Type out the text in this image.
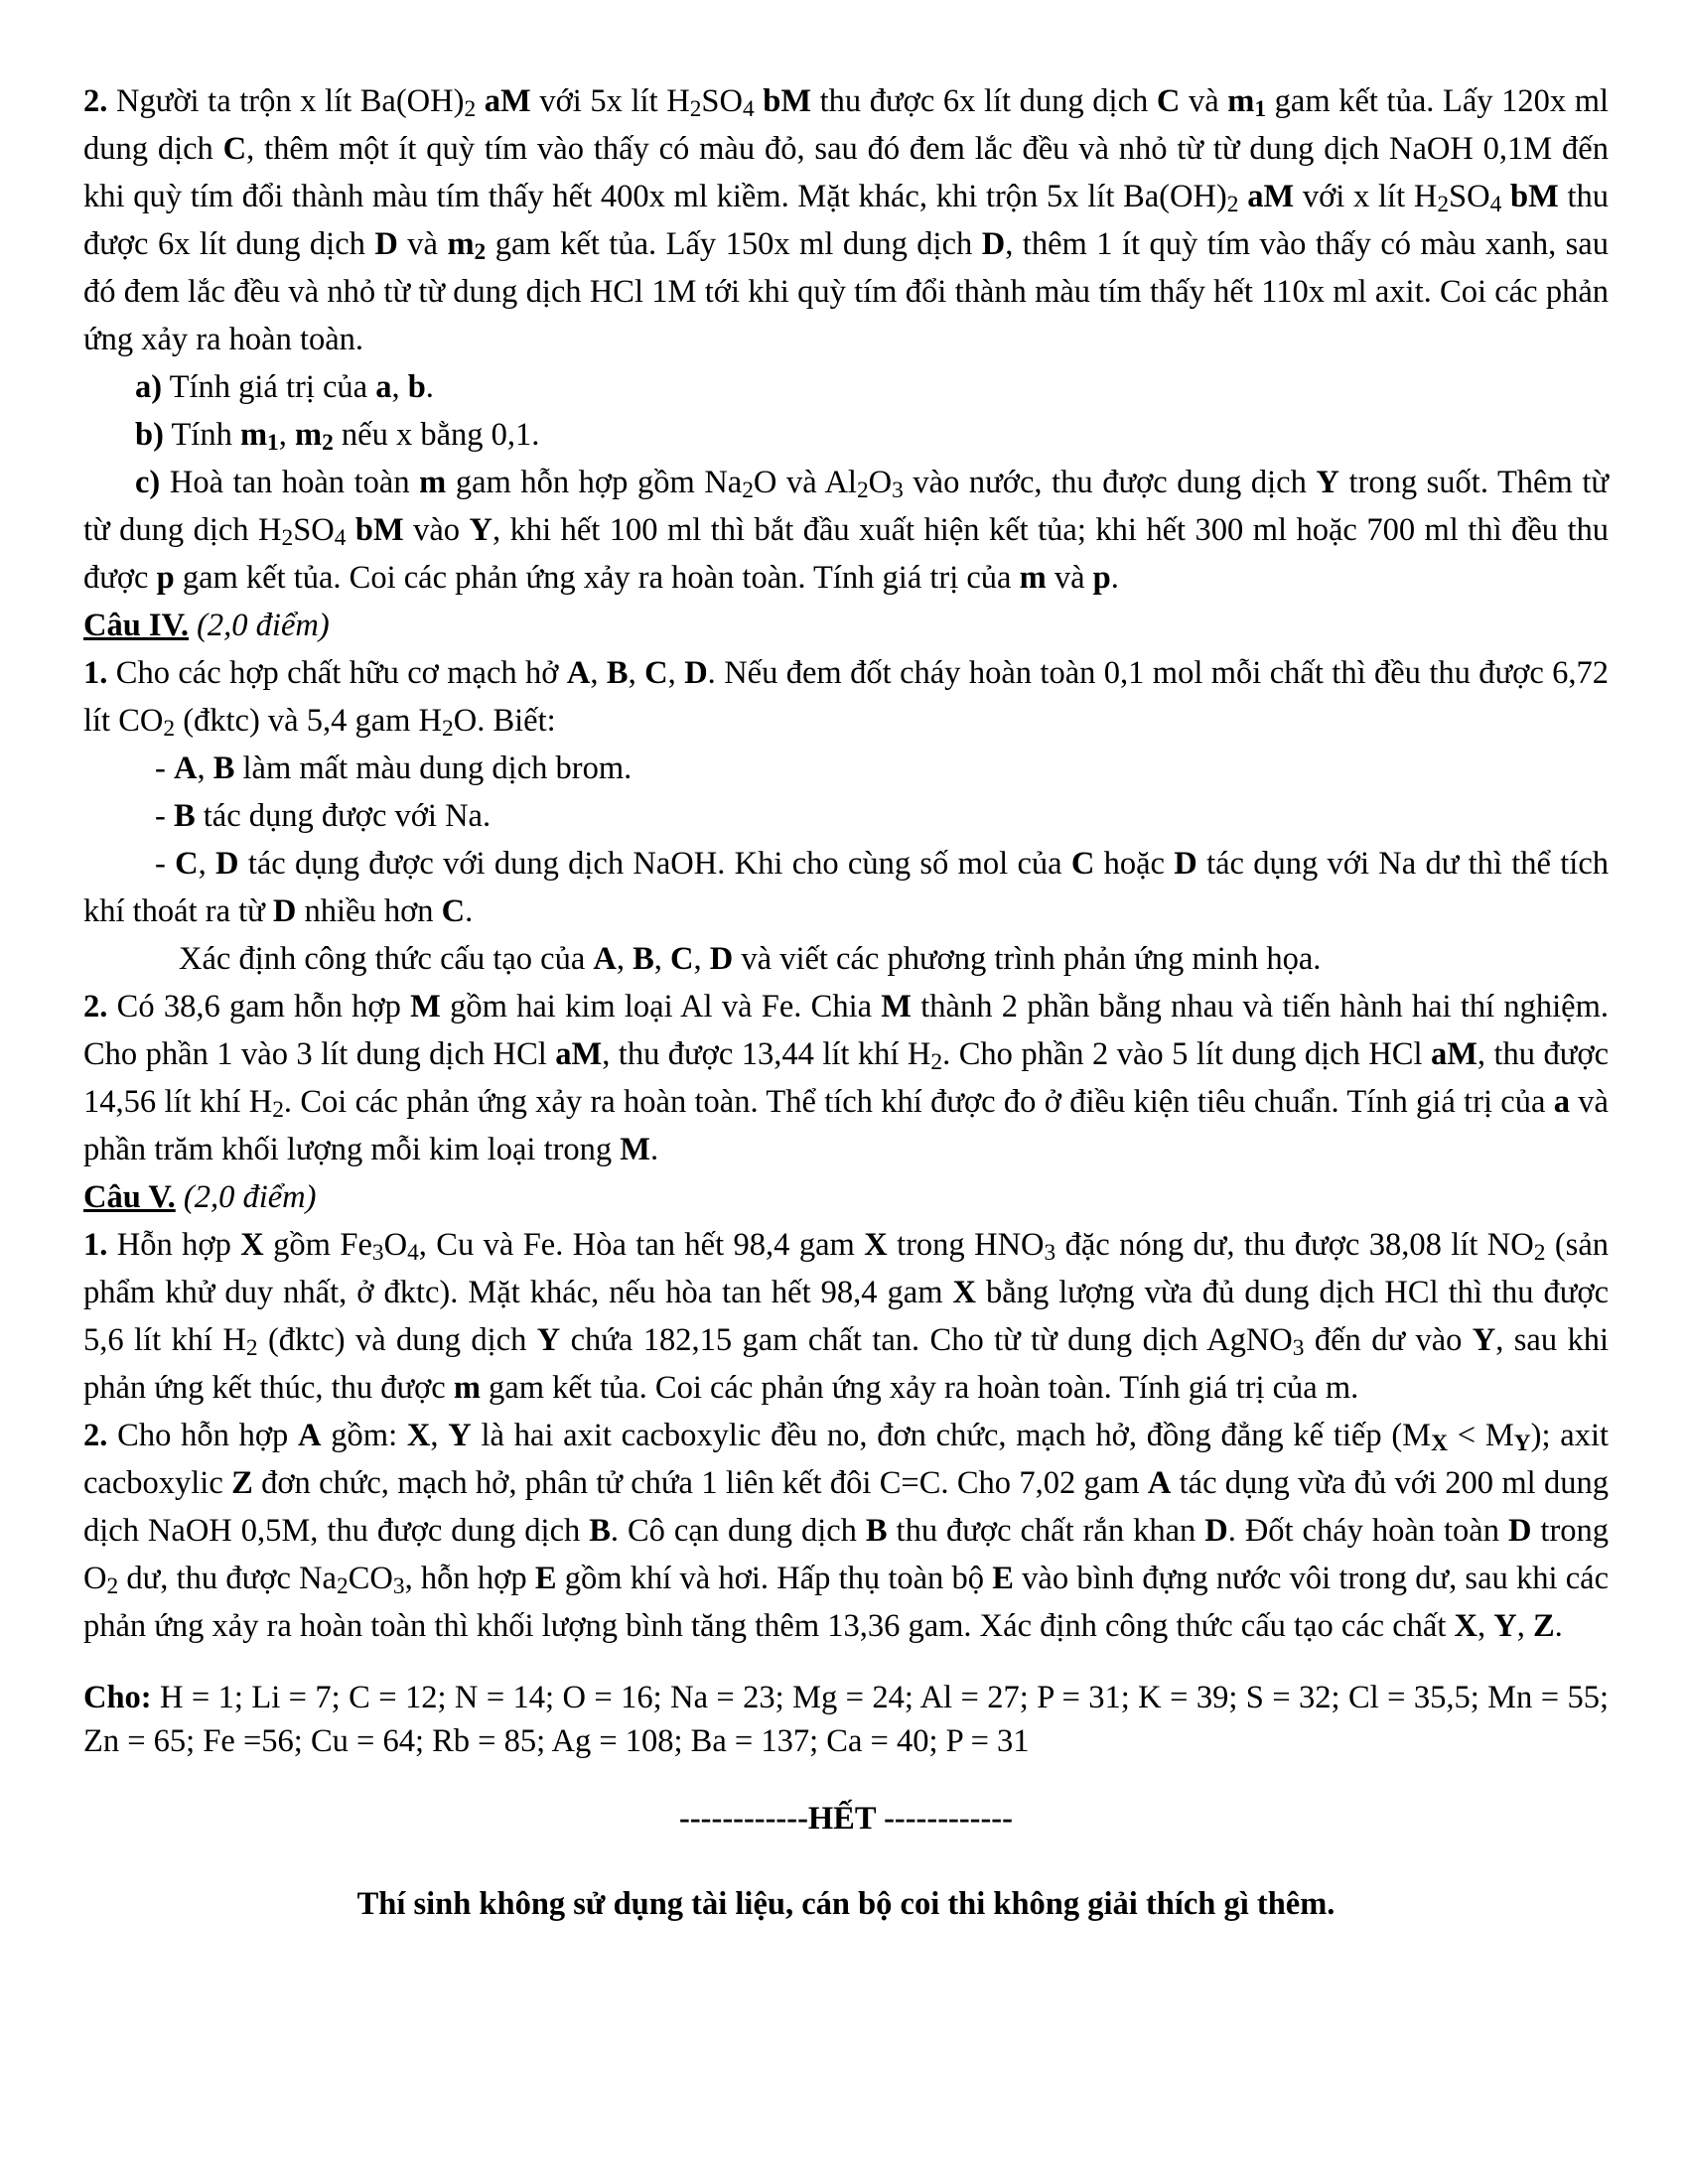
2. Người ta trộn x lít $Ba(OH)_2$ aM với 5x lít $H_2SO_4$ bM thu được 6x lít dung dịch C và $m_1$ gam kết tủa. Lấy 120x ml dung dịch C, thêm một ít quỳ tím vào thấy có màu đỏ, sau đó đem lắc đều và nhỏ từ từ dung dịch NaOH 0,1M đến khi quỳ tím đổi thành màu tím thấy hết 400x ml kiềm. Mặt khác, khi trộn 5x lít $Ba(OH)_2$ aM với x lít $H_2SO_4$ bM thu được 6x lít dung dịch D và $m_2$ gam kết tủa. Lấy 150x ml dung dịch D, thêm 1 ít quỳ tím vào thấy có màu xanh, sau đó đem lắc đều và nhỏ từ từ dung dịch HCl 1M tới khi quỳ tím đổi thành màu tím thấy hết 110x ml axit. Coi các phản ứng xảy ra hoàn toàn.

a) Tính giá trị của a, b.

b) Tính $m_1$, $m_2$ nếu x bằng 0,1.

c) Hoà tan hoàn toàn m gam hỗn hợp gồm $Na_2O$ và $Al_2O_3$ vào nước, thu được dung dịch Y trong suốt. Thêm từ từ dung dịch $H_2SO_4$ bM vào Y, khi hết 100 ml thì bắt đầu xuất hiện kết tủa; khi hết 300 ml hoặc 700 ml thì đều thu được p gam kết tủa. Coi các phản ứng xảy ra hoàn toàn. Tính giá trị của m và p.

Câu IV. (2,0 điểm)

1. Cho các hợp chất hữu cơ mạch hở A, B, C, D. Nếu đem đốt cháy hoàn toàn 0,1 mol mỗi chất thì đều thu được 6,72 lít $CO_2$ (đktc) và 5,4 gam $H_2O$. Biết:

- A, B làm mất màu dung dịch brom.

- B tác dụng được với Na.

- C, D tác dụng được với dung dịch NaOH. Khi cho cùng số mol của C hoặc D tác dụng với Na dư thì thể tích khí thoát ra từ D nhiều hơn C.

Xác định công thức cấu tạo của A, B, C, D và viết các phương trình phản ứng minh họa.

2. Có 38,6 gam hỗn hợp M gồm hai kim loại Al và Fe. Chia M thành 2 phần bằng nhau và tiến hành hai thí nghiệm. Cho phần 1 vào 3 lít dung dịch HCl aM, thu được 13,44 lít khí $H_2$. Cho phần 2 vào 5 lít dung dịch HCl aM, thu được 14,56 lít khí $H_2$. Coi các phản ứng xảy ra hoàn toàn. Thể tích khí được đo ở điều kiện tiêu chuẩn. Tính giá trị của a và phần trăm khối lượng mỗi kim loại trong M.

Câu V. (2,0 điểm)

1. Hỗn hợp X gồm $Fe_3O_4$, Cu và Fe. Hòa tan hết 98,4 gam X trong $HNO_3$ đặc nóng dư, thu được 38,08 lít $NO_2$ (sản phẩm khử duy nhất, ở đktc). Mặt khác, nếu hòa tan hết 98,4 gam X bằng lượng vừa đủ dung dịch HCl thì thu được 5,6 lít khí $H_2$ (đktc) và dung dịch Y chứa 182,15 gam chất tan. Cho từ từ dung dịch AgNO$_3$ đến dư vào Y, sau khi phản ứng kết thúc, thu được m gam kết tủa. Coi các phản ứng xảy ra hoàn toàn. Tính giá trị của m.

2. Cho hỗn hợp A gồm: X, Y là hai axit cacboxylic đều no, đơn chức, mạch hở, đồng đẳng kế tiếp $(M_X < M_Y)$; axit cacboxylic Z đơn chức, mạch hở, phân tử chứa 1 liên kết đôi C=C. Cho 7,02 gam A tác dụng vừa đủ với 200 ml dung dịch NaOH 0,5M, thu được dung dịch B. Cô cạn dung dịch B thu được chất rắn khan D. Đốt cháy hoàn toàn D trong $O_2$ dư, thu được $Na_2CO_3$, hỗn hợp E gồm khí và hơi. Hấp thụ toàn bộ E vào bình đựng nước vôi trong dư, sau khi các phản ứng xảy ra hoàn toàn thì khối lượng bình tăng thêm 13,36 gam. Xác định công thức cấu tạo các chất X, Y, Z.

Cho: H = 1; Li = 7; C = 12; N = 14; O = 16; Na = 23; Mg = 24; Al = 27; P = 31; K = 39; S = 32; Cl = 35,5; Mn = 55; Zn = 65; Fe =56; Cu = 64; Rb = 85; Ag = 108; Ba = 137; Ca = 40; P = 31

------------HẾT ------------

Thí sinh không sử dụng tài liệu, cán bộ coi thi không giải thích gì thêm.
